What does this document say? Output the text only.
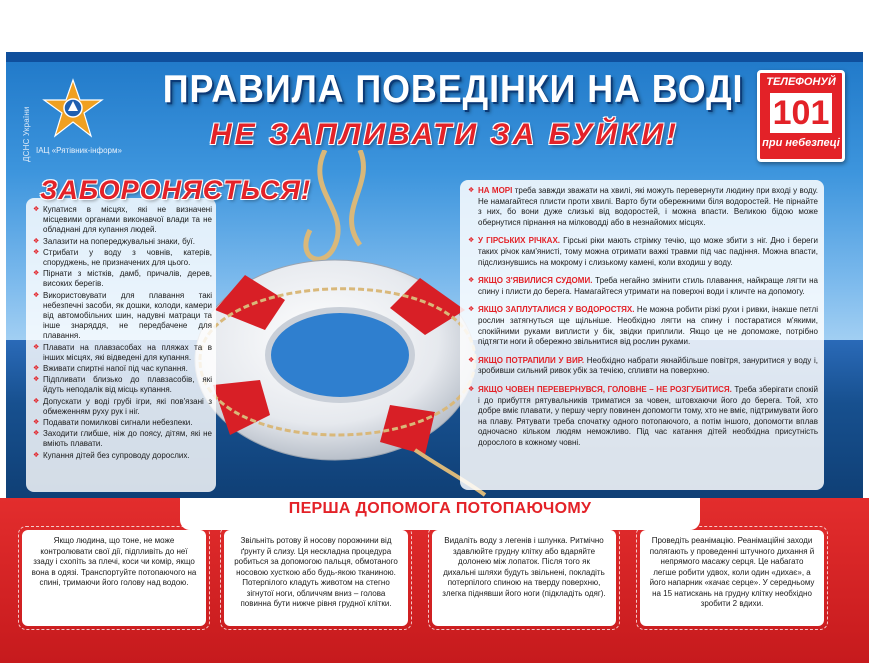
ДСНС України ІАЦ «Рятівник-інформ»
ПРАВИЛА ПОВЕДІНКИ НА ВОДІ
НЕ ЗАПЛИВАТИ ЗА БУЙКИ!
ТЕЛЕФОНУЙ
101
при небезпеці
ЗАБОРОНЯЄТЬСЯ!
❖ Купатися в місцях, які не визначені місцевими органами виконавчої влади та не обладнані для купання людей.
❖ Залазити на попереджувальні знаки, буї.
❖ Стрибати у воду з човнів, катерів, споруджень, не призначених для цього.
❖ Пірнати з містків, дамб, причалів, дерев, високих берегів.
❖ Використовувати для плавання такі небезпечні засоби, як дошки, колоди, камери від автомобільних шин, надувні матраци та інше знаряддя, не передбачене для плавання.
❖ Плавати на плавзасобах на пляжах та в інших місцях, які відведені для купання.
❖ Вживати спиртні напої під час купання.
❖ Підпливати близько до плавзасобів, які йдуть неподалік від місць купання.
❖ Допускати у воді грубі ігри, які пов'язані з обмеженням руху рук і ніг.
❖ Подавати помилкові сигнали небезпеки.
❖ Заходити глибше, ніж до поясу, дітям, які не вміють плавати.
❖ Купання дітей без супроводу дорослих.
❖ НА МОРІ треба завжди зважати на хвилі, які можуть перевернути людину при вході у воду. Не намагайтеся плисти проти хвилі. Варто бути обережними біля водоростей. Не пірнайте з них, бо вони дуже слизькі від водоростей, і можна впасти. Великою бідою може обернутися пірнання на мілководді або в незнайомих місцях.
❖ У ГІРСЬКИХ РІЧКАХ. Гірські ріки мають стрімку течію, що може збити з ніг. Дно і береги таких річок кам'янисті, тому можна отримати важкі травми під час падіння. Можна впасти, підслизнувшись на мокрому і слизькому камені, коли входиш у воду.
❖ ЯКЩО З'ЯВИЛИСЯ СУДОМИ. Треба негайно змінити стиль плавання, найкраще лягти на спину і плисти до берега. Намагайтеся утримати на поверхні води і кличте на допомогу.
❖ ЯКЩО ЗАПЛУТАЛИСЯ У ВОДОРОСТЯХ. Не можна робити різкі рухи і ривки, інакше петлі рослин затягнуться ще щільніше. Необхідно лягти на спину і постаратися м'якими, спокійними руками виплисти у бік, звідки приплили. Якщо це не допоможе, потрібно підтягти ноги й обережно звільнитися від рослин руками.
❖ ЯКЩО ПОТРАПИЛИ У ВИР. Необхідно набрати якнайбільше повітря, зануритися у воду і, зробивши сильний ривок убік за течією, спливти на поверхню.
❖ ЯКЩО ЧОВЕН ПЕРЕВЕРНУВСЯ, ГОЛОВНЕ – НЕ РОЗГУБИТИСЯ. Треба зберігати спокій і до прибуття рятувальників триматися за човен, штовхаючи його до берега. Той, хто добре вміє плавати, у першу чергу повинен допомогти тому, хто не вміє, підтримувати його на плаву. Рятувати треба спочатку одного потопаючого, а потім іншого, допомогти вплав одночасно кільком людям неможливо. Під час катання дітей необхідна присутність дорослого в кожному човні.
ПЕРША ДОПОМОГА ПОТОПАЮЧОМУ
Якщо людина, що тоне, не може контролювати свої дії, підпливіть до неї ззаду і схопіть за плечі, коси чи комір, якщо вона в одязі. Транспортуйте потопаючого на спині, тримаючи його голову над водою.
Звільніть ротову й носову порожнини від ґрунту й слизу. Ця нескладна процедура робиться за допомогою пальця, обмотаного носовою хусткою або будь-якою тканиною. Потерпілого кладуть животом на стегно зігнутої ноги, обличчям вниз – голова повинна бути нижче рівня грудної клітки.
Видаліть воду з легенів і шлунка. Ритмічно здавлюйте грудну клітку або вдаряйте долонею між лопаток. Після того як дихальні шляхи будуть звільнені, покладіть потерпілого спиною на тверду поверхню, злегка піднявши його ноги (підкладіть одяг).
Проведіть реанімацію. Реанімаційні заходи полягають у проведенні штучного дихання й непрямого масажу серця. Це набагато легше робити удвох, коли один «дихає», а його напарник «качає серце». У середньому на 15 натискань на грудну клітку необхідно зробити 2 вдихи.
